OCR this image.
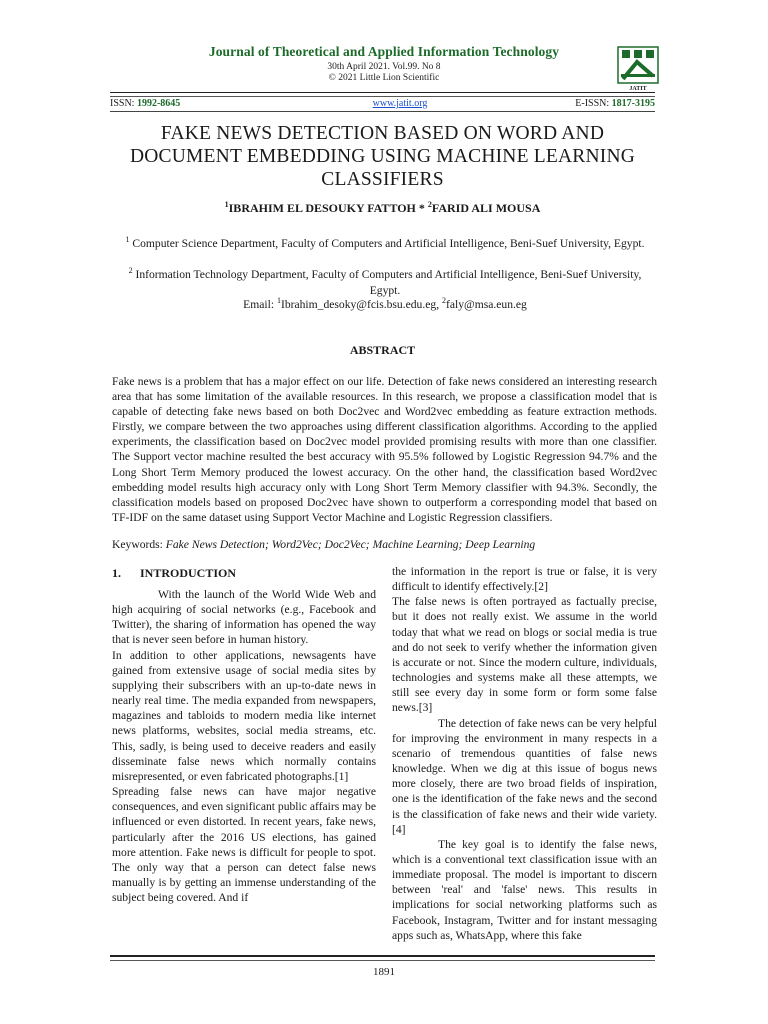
Journal of Theoretical and Applied Information Technology
30th April 2021. Vol.99. No 8
© 2021 Little Lion Scientific
JATIT
ISSN: 1992-8645	www.jatit.org	E-ISSN: 1817-3195
FAKE NEWS DETECTION BASED ON WORD AND DOCUMENT EMBEDDING USING MACHINE LEARNING CLASSIFIERS
$^1$IBRAHIM EL DESOUKY FATTOH * $^2$FARID ALI MOUSA
$^1$ Computer Science Department, Faculty of Computers and Artificial Intelligence, Beni-Suef University, Egypt.
$^2$ Information Technology Department, Faculty of Computers and Artificial Intelligence, Beni-Suef University, Egypt.
Email: $^1$Ibrahim_desoky@fcis.bsu.edu.eg, $^2$faly@msa.eun.eg
ABSTRACT
Fake news is a problem that has a major effect on our life. Detection of fake news considered an interesting research area that has some limitation of the available resources. In this research, we propose a classification model that is capable of detecting fake news based on both Doc2vec and Word2vec embedding as feature extraction methods. Firstly, we compare between the two approaches using different classification algorithms. According to the applied experiments, the classification based on Doc2vec model provided promising results with more than one classifier. The Support vector machine resulted the best accuracy with 95.5% followed by Logistic Regression 94.7% and the Long Short Term Memory produced the lowest accuracy. On the other hand, the classification based Word2vec embedding model results high accuracy only with Long Short Term Memory classifier with 94.3%. Secondly, the classification models based on proposed Doc2vec have shown to outperform a corresponding model that based on TF-IDF on the same dataset using Support Vector Machine and Logistic Regression classifiers.
Keywords: Fake News Detection; Word2Vec; Doc2Vec; Machine Learning; Deep Learning
1. INTRODUCTION

With the launch of the World Wide Web and high acquiring of social networks (e.g., Facebook and Twitter), the sharing of information has opened the way that is never seen before in human history.

In addition to other applications, newsagents have gained from extensive usage of social media sites by supplying their subscribers with an up-to-date news in nearly real time. The media expanded from newspapers, magazines and tabloids to modern media like internet news platforms, websites, social media streams, etc. This, sadly, is being used to deceive readers and easily disseminate false news which normally contains misrepresented, or even fabricated photographs.[1]

Spreading false news can have major negative consequences, and even significant public affairs may be influenced or even distorted. In recent years, fake news, particularly after the 2016 US elections, has gained more attention. Fake news is difficult for people to spot. The only way that a person can detect false news manually is by getting an immense understanding of the subject being covered. And if

the information in the report is true or false, it is very difficult to identify effectively.[2]

The false news is often portrayed as factually precise, but it does not really exist. We assume in the world today that what we read on blogs or social media is true and do not seek to verify whether the information given is accurate or not. Since the modern culture, individuals, technologies and systems make all these attempts, we still see every day in some form or form some false news.[3]

The detection of fake news can be very helpful for improving the environment in many respects in a scenario of tremendous quantities of false news knowledge. When we dig at this issue of bogus news more closely, there are two broad fields of inspiration, one is the identification of the fake news and the second is the classification of fake news and their wide variety.[4]

The key goal is to identify the false news, which is a conventional text classification issue with an immediate proposal. The model is important to discern between 'real' and 'false' news. This results in implications for social networking platforms such as Facebook, Instagram, Twitter and for instant messaging apps such as, WhatsApp, where this fake

1891
